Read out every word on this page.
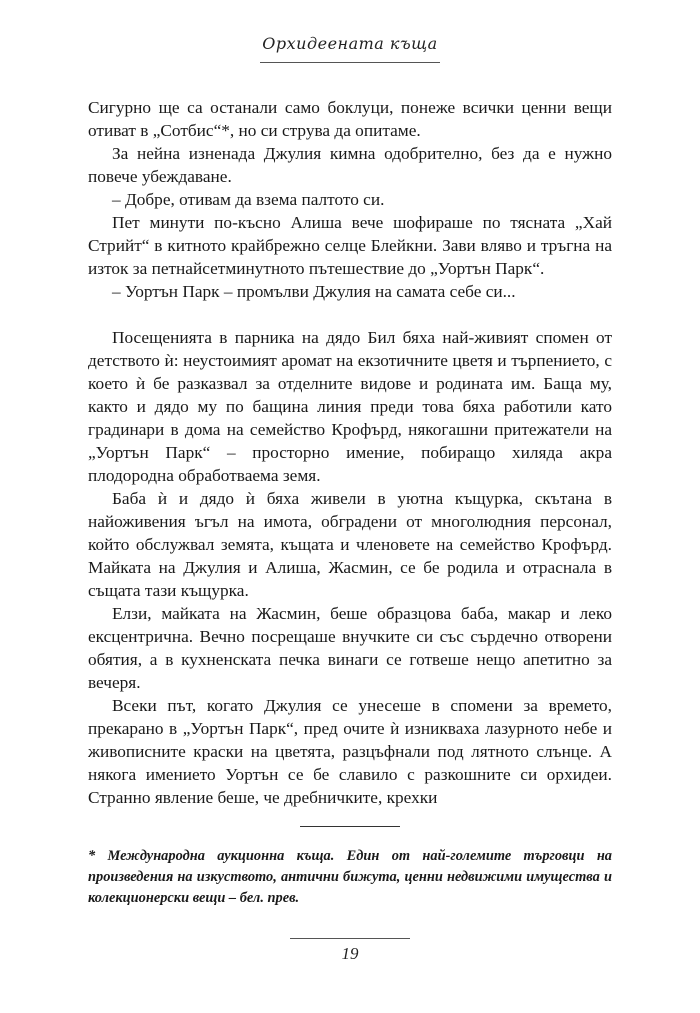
Орхидеената къща

Сигурно ще са останали само боклуци, понеже всички ценни вещи отиват в „Сотбис“*, но си струва да опитаме.

За нейна изненада Джулия кимна одобрително, без да е нужно повече убеждаване.

– Добре, отивам да взема палтото си.

Пет минути по-късно Алиша вече шофираше по тясната „Хай Стрийт“ в китното крайбрежно селце Блейкни. Зави вляво и тръгна на изток за петнайсетминутното пътешествие до „Уортън Парк“.

– Уортън Парк – промълви Джулия на самата себе си...

Посещенията в парника на дядо Бил бяха най-живият спомен от детството ѝ: неустоимият аромат на екзотичните цветя и търпението, с което ѝ бе разказвал за отделните видове и родината им. Баща му, както и дядо му по бащина линия преди това бяха работили като градинари в дома на семейство Крофърд, някогашни притежатели на „Уортън Парк“ – просторно имение, побиращо хиляда акра плодородна обработваема земя.

Баба ѝ и дядо ѝ бяха живели в уютна къщурка, скътана в найоживения ъгъл на имота, обградени от многолюдния персонал, който обслужвал земята, къщата и членовете на семейство Крофърд. Майката на Джулия и Алиша, Жасмин, се бе родила и отраснала в същата тази къщурка.

Елзи, майката на Жасмин, беше образцова баба, макар и леко ексцентрична. Вечно посрещаше внучките си със сърдечно отворени обятия, а в кухненската печка винаги се готвеше нещо апетитно за вечеря.

Всеки път, когато Джулия се унесеше в спомени за времето, прекарано в „Уортън Парк“, пред очите ѝ изникваха лазурното небе и живописните краски на цветята, разцъфнали под лятното слънце. А някога имението Уортън се бе славило с разкошните си орхидеи. Странно явление беше, че дребничките, крехки

* Международна аукционна къща. Един от най-големите търговци на произведения на изкуството, антични бижута, ценни недвижими имущества и колекционерски вещи – бел. прев.
19
